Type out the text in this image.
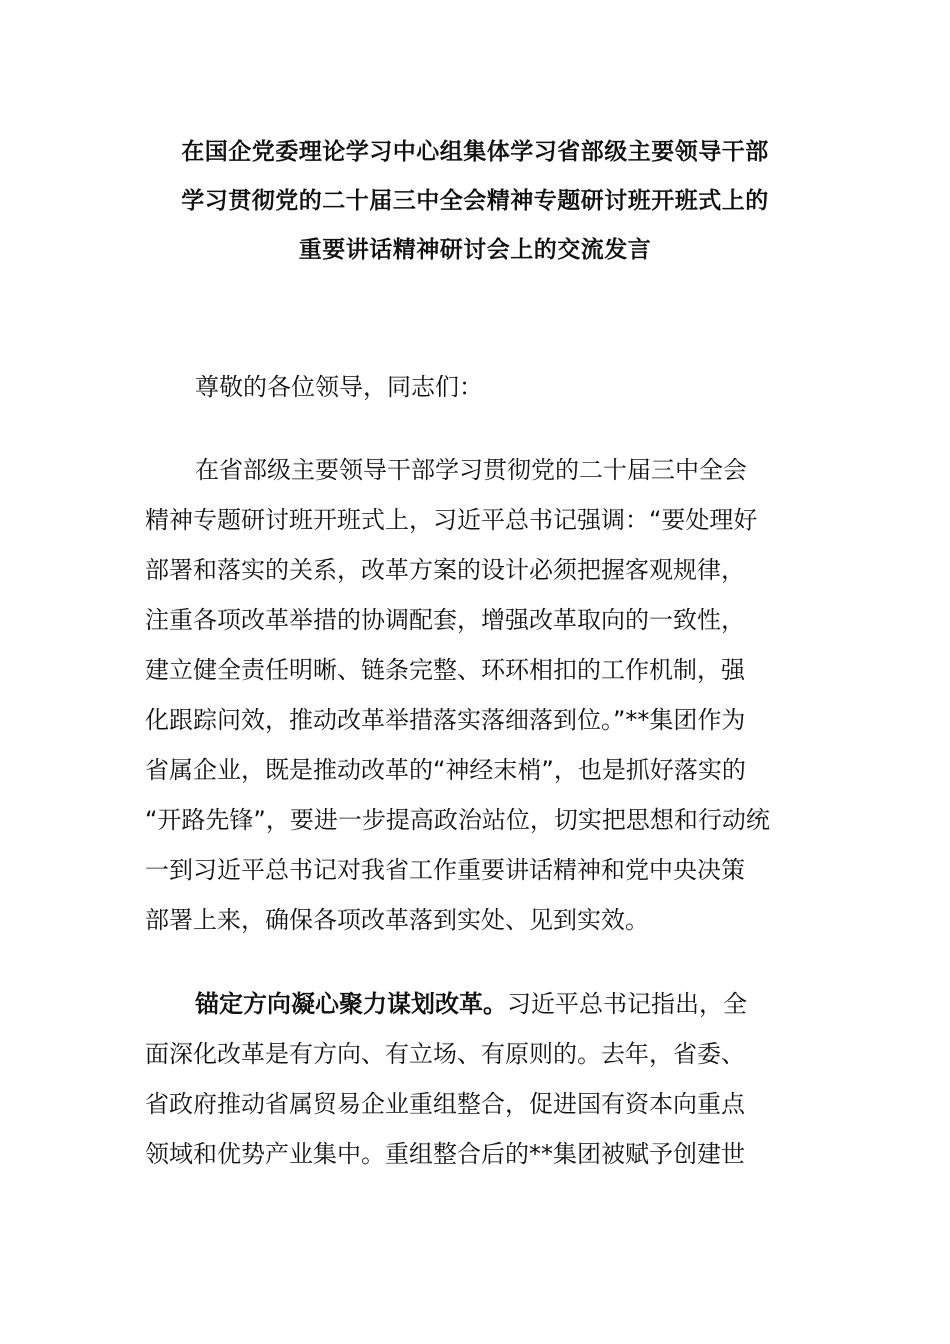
在国企党委理论学习中心组集体学习省部级主要领导干部
学习贯彻党的二十届三中全会精神专题研讨班开班式上的
重要讲话精神研讨会上的交流发言

尊敬的各位领导，同志们：

在省部级主要领导干部学习贯彻党的二十届三中全会
精神专题研讨班开班式上，习近平总书记强调：“要处理好
部署和落实的关系，改革方案的设计必须把握客观规律，
注重各项改革举措的协调配套，增强改革取向的一致性，
建立健全责任明晰、链条完整、环环相扣的工作机制，强
化跟踪问效，推动改革举措落实落细落到位。”**集团作为
省属企业，既是推动改革的“神经末梢”，也是抓好落实的
“开路先锋”，要进一步提高政治站位，切实把思想和行动统
一到习近平总书记对我省工作重要讲话精神和党中央决策
部署上来，确保各项改革落到实处、见到实效。

锚定方向凝心聚力谋划改革。习近平总书记指出，全
面深化改革是有方向、有立场、有原则的。去年，省委、
省政府推动省属贸易企业重组整合，促进国有资本向重点
领域和优势产业集中。重组整合后的**集团被赋予创建世
